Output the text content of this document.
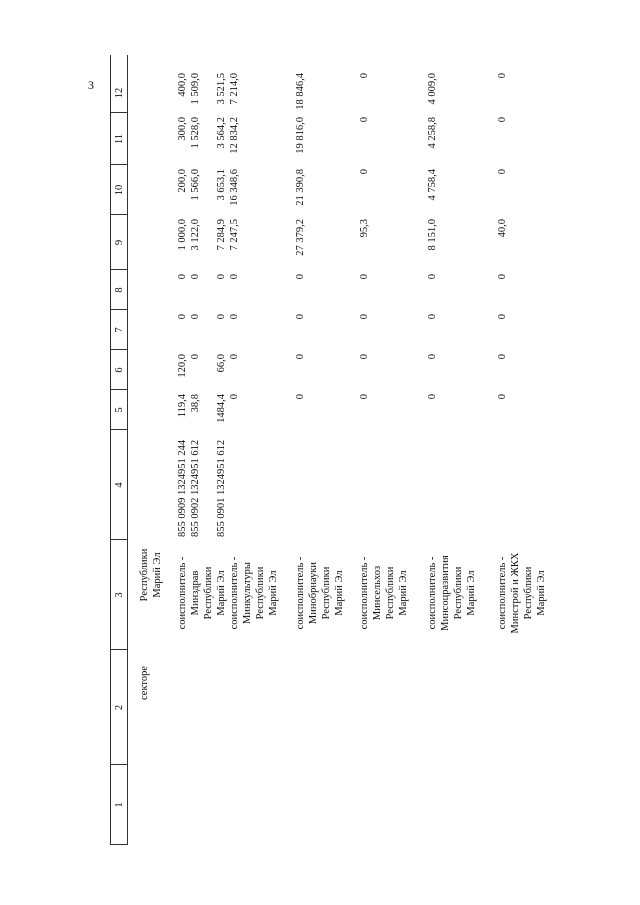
3
1
2
3
4
5
6
7
8
9
10
11
12
секторе
Республики Марий Эл соисполнитель - Минздрав Республики Марий Эл
855 0909 1324951 244 855 0902 1324951 612 855 0901 1324951 612
119,4 38,8 1484,4
120,0 0 66,0
0 0 0
0 0 0
1 000,0 3 122,0 7 284,9
200,0 1 566,0 3 653,1
300,0 1 528,0 3 564,2
400,0 1 509,0 3 521,5
соисполнитель - Минкультуры Республики Марий Эл
0
0
0
0
7 247,5
16 348,6
12 834,2
7 214,0
соисполнитель - Минобрнауки Республики Марий Эл
0
0
0
0
27 379,2
21 390,8
19 816,0
18 846,4
соисполнитель - Минсельхоз Республики Марий Эл
0
0
0
0
95,3
0
0
0
соисполнитель - Минсоцразвития Республики Марий Эл
0
0
0
0
8 151,0
4 758,4
4 258,8
4 009,0
соисполнитель - Минстрой и ЖКХ Республики Марий Эл
0
0
0
0
40,0
0
0
0
